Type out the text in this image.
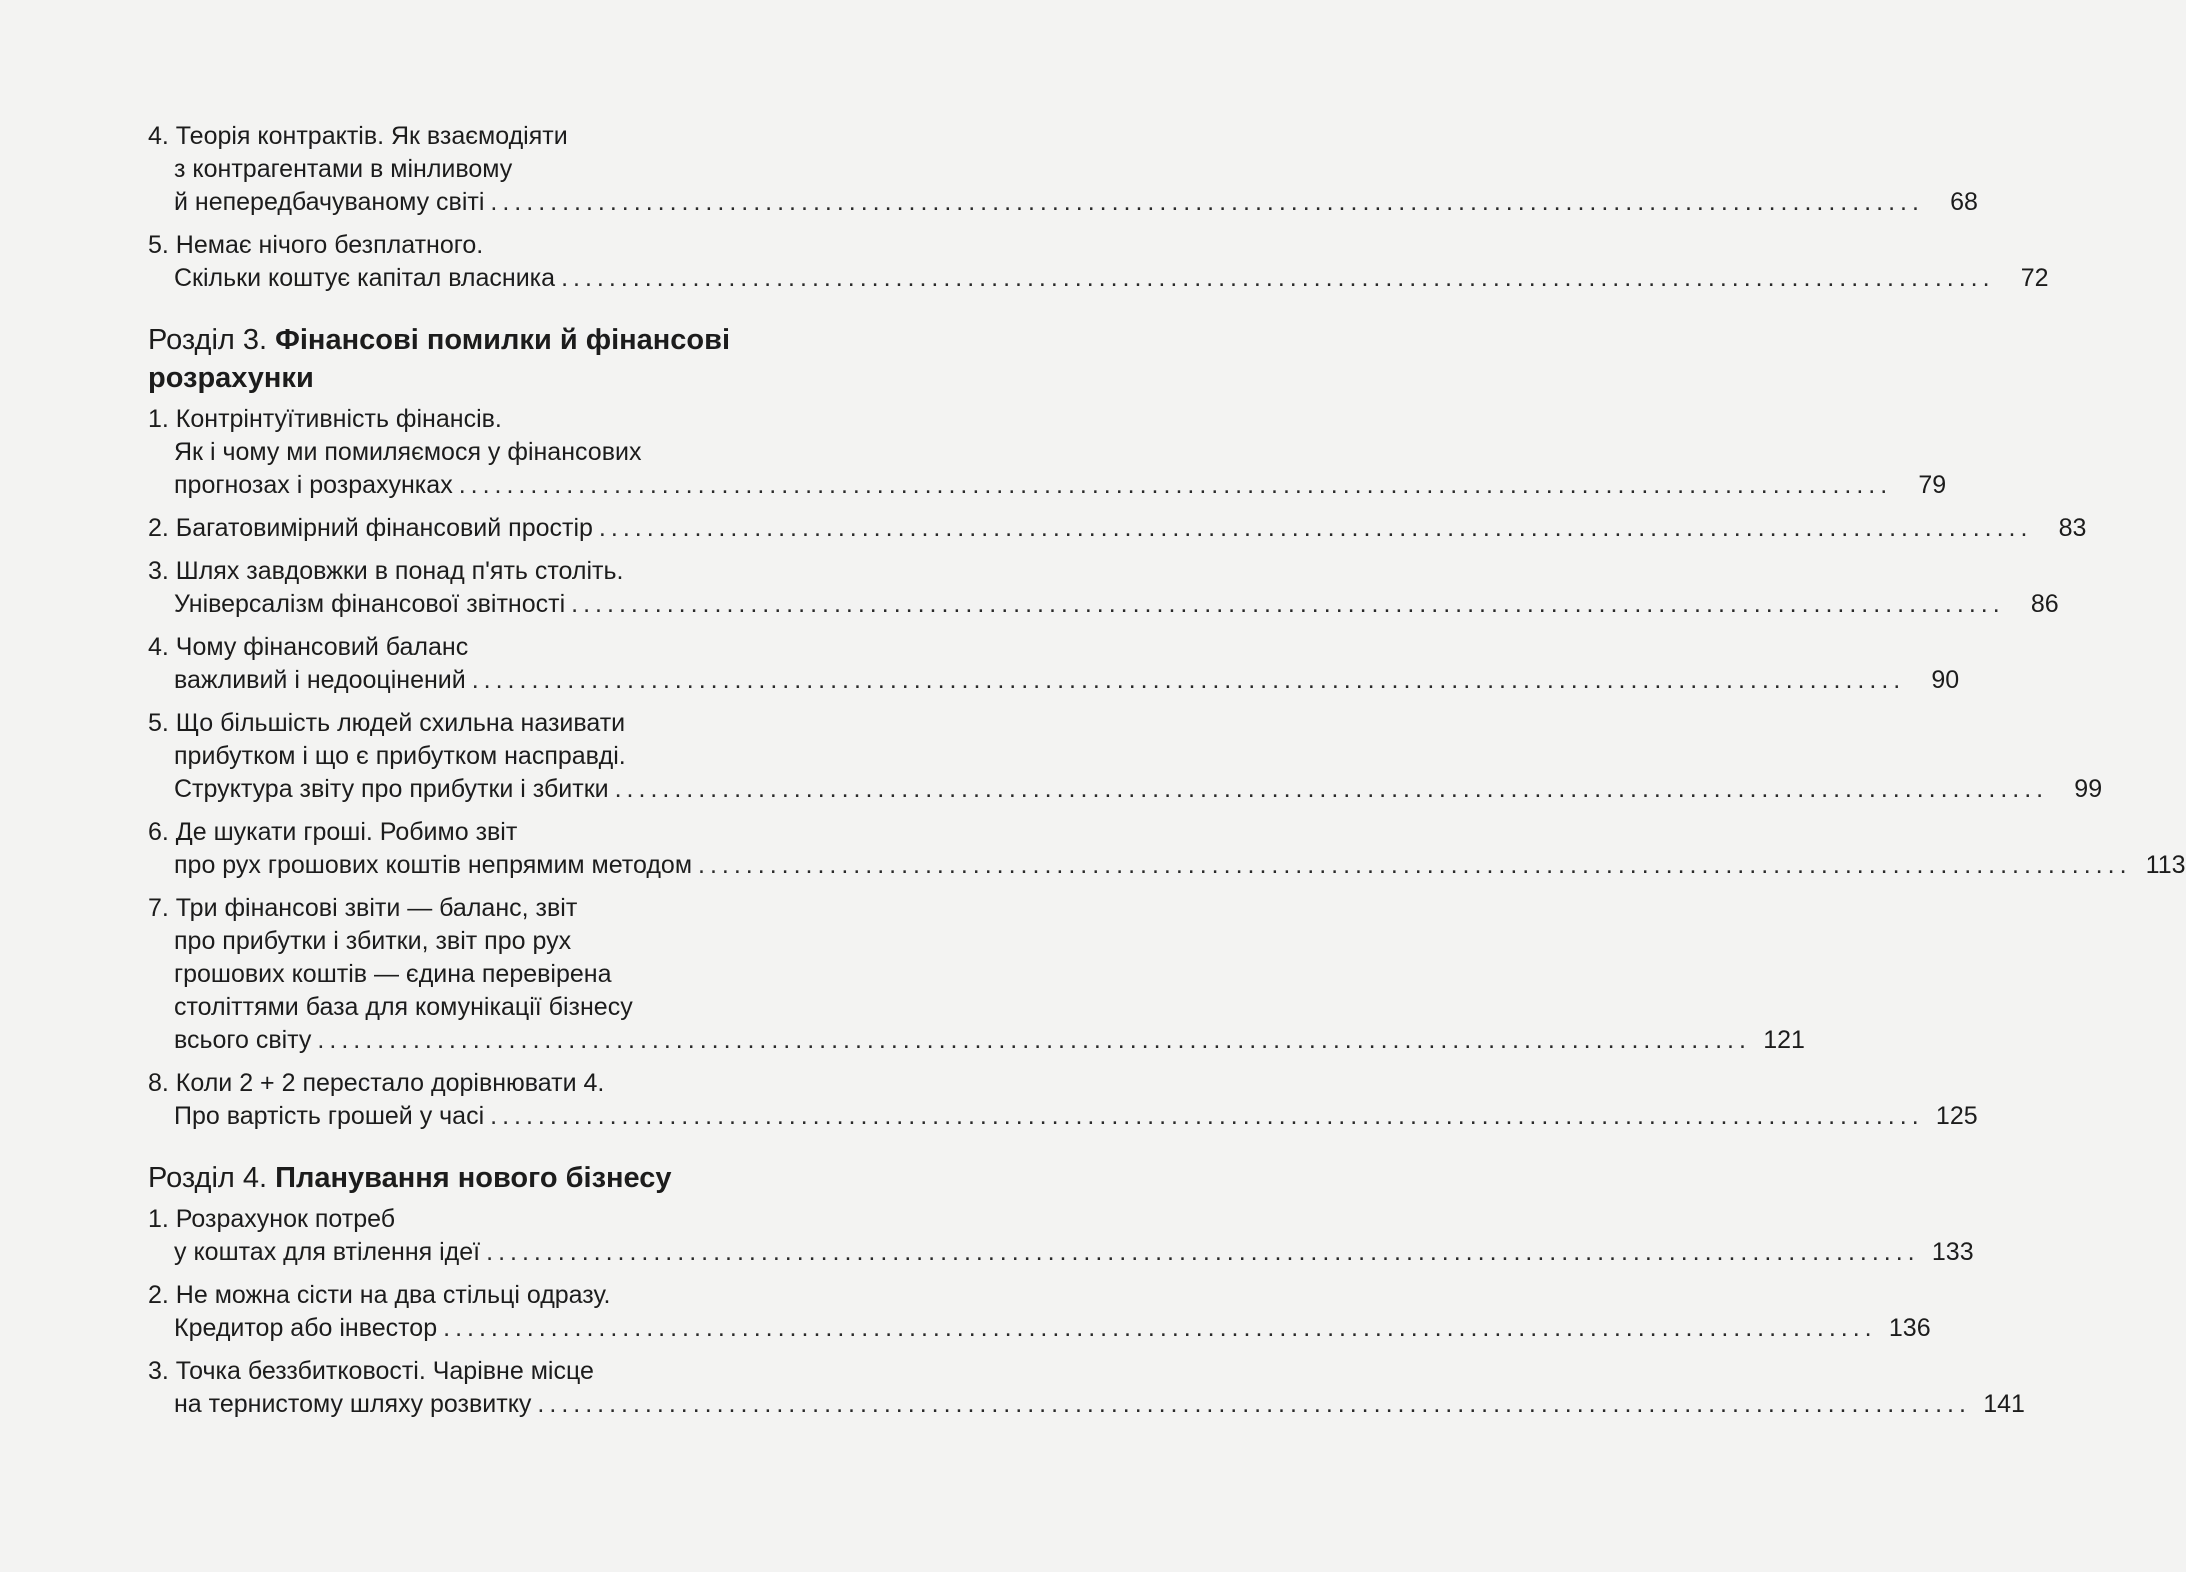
4. Теорія контрактів. Як взаємодіяти
з контрагентами в мінливому
й непередбачуваному світі ........................................................................................................................	68
5. Немає нічого безплатного.
Скільки коштує капітал власника ........................................................................................................................	72
Розділ 3. Фінансові помилки й фінансові
розрахунки
1. Контрінтуїтивність фінансів.
Як і чому ми помиляємося у фінансових
прогнозах і розрахунках ........................................................................................................................	79
2. Багатовимірний фінансовий простір ........................................................................................................................	83
3. Шлях завдовжки в понад п'ять століть.
Універсалізм фінансової звітності ........................................................................................................................	86
4. Чому фінансовий баланс
важливий і недооцінений ........................................................................................................................	90
5. Що більшість людей схильна називати
прибутком і що є прибутком насправді.
Структура звіту про прибутки і збитки ........................................................................................................................	99
6. Де шукати гроші. Робимо звіт
про рух грошових коштів непрямим методом ........................................................................................................................ 113
7. Три фінансові звіти — баланс, звіт
про прибутки і збитки, звіт про рух
грошових коштів — єдина перевірена
століттями база для комунікації бізнесу
всього світу ........................................................................................................................ 121
8. Коли 2 + 2 перестало дорівнювати 4.
Про вартість грошей у часі ........................................................................................................................ 125
Розділ 4. Планування нового бізнесу
1. Розрахунок потреб
у коштах для втілення ідеї ........................................................................................................................ 133
2. Не можна сісти на два стільці одразу.
Кредитор або інвестор ........................................................................................................................ 136
3. Точка беззбитковості. Чарівне місце
на тернистому шляху розвитку ........................................................................................................................ 141
